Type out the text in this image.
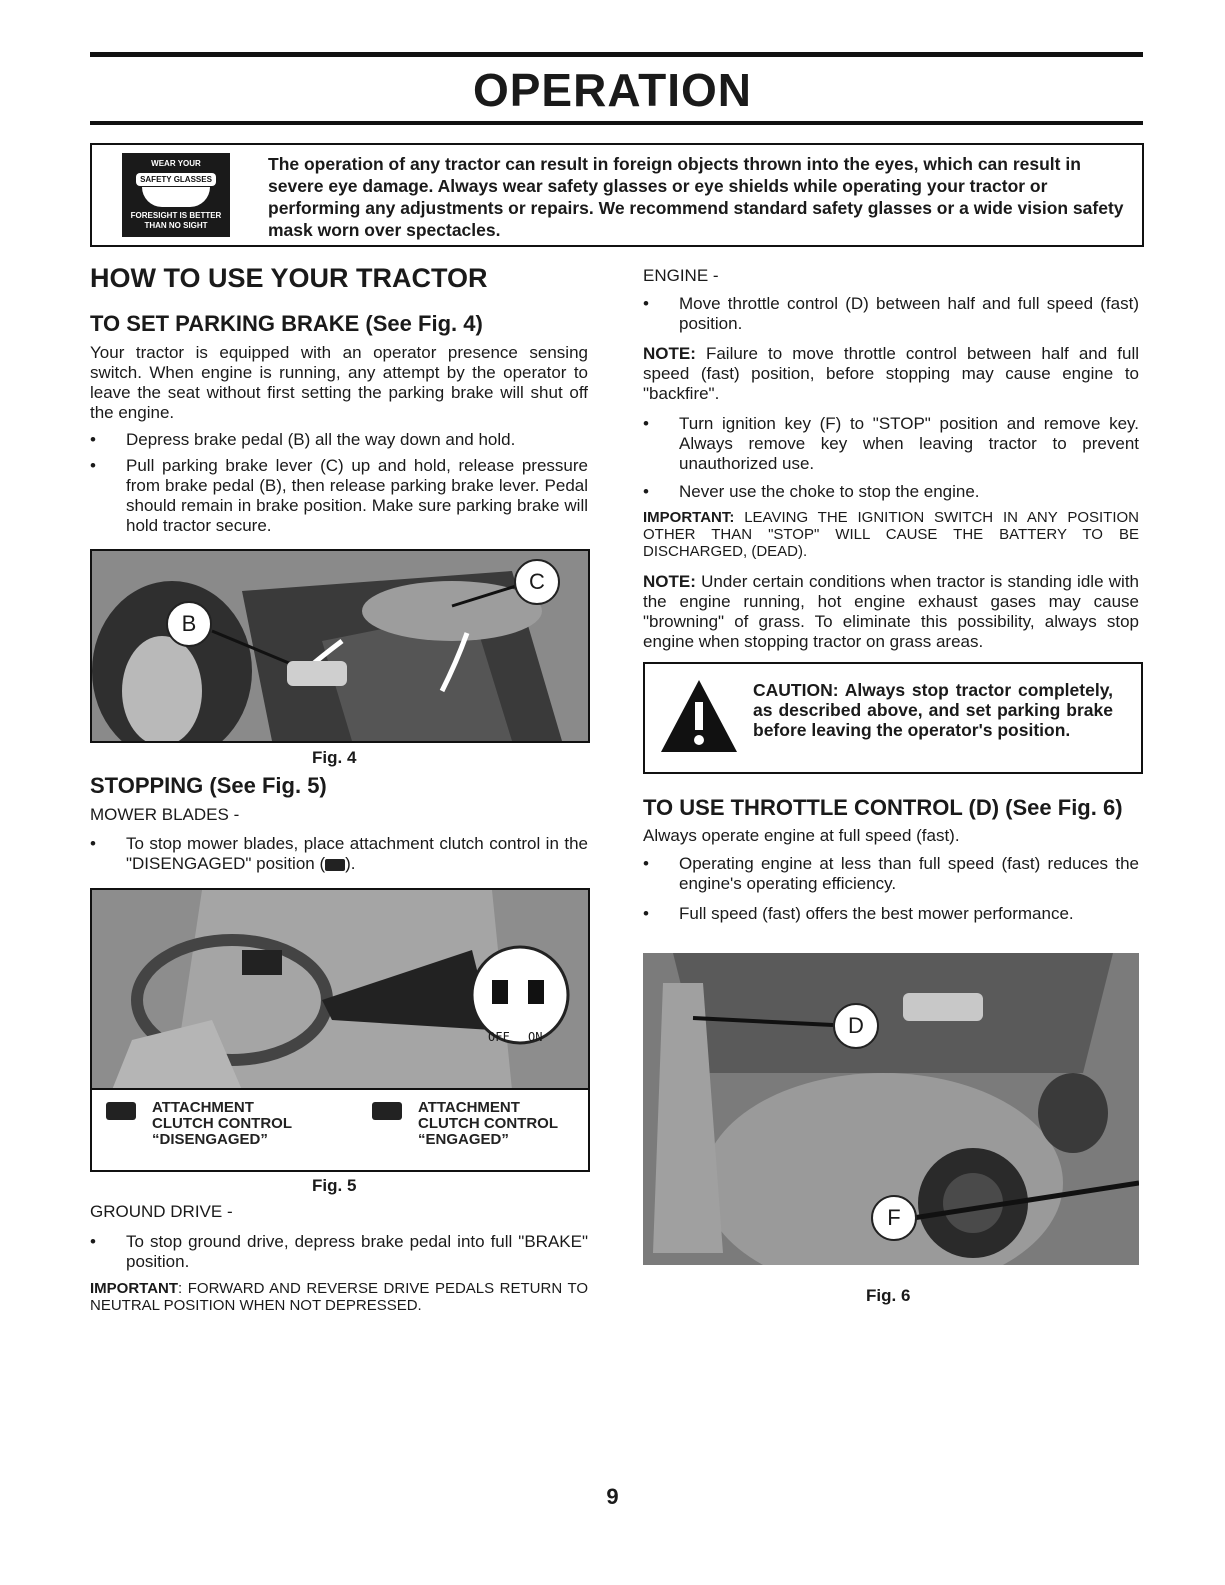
OPERATION
WEAR YOUR
SAFETY GLASSES
FORESIGHT IS BETTER
THAN NO SIGHT
The operation of any tractor can result in foreign objects thrown into the eyes, which can result in severe eye damage. Always wear safety glasses or eye shields while operating your tractor or performing any adjustments or repairs. We recommend standard safety glasses or a wide vision safety mask worn over spectacles.
HOW TO USE YOUR TRACTOR
TO SET PARKING BRAKE (See Fig. 4)

Your tractor is equipped with an operator presence sensing switch. When engine is running, any attempt by the operator to leave the seat without first setting the parking brake will shut off the engine.

• Depress brake pedal (B) all the way down and hold.
• Pull parking brake lever (C) up and hold, release pressure from brake pedal (B), then release parking brake lever. Pedal should remain in brake position. Make sure parking brake will hold tractor secure.
B
C
Fig. 4
STOPPING (See Fig. 5)
MOWER BLADES -
• To stop mower blades, place attachment clutch control in the "DISENGAGED" position ( ).
OFF ON
ATTACHMENT
CLUTCH CONTROL
“DISENGAGED”
ATTACHMENT
CLUTCH CONTROL
“ENGAGED”
Fig. 5
GROUND DRIVE -
• To stop ground drive, depress brake pedal into full "BRAKE" position.
IMPORTANT: FORWARD AND REVERSE DRIVE PEDALS RETURN TO NEUTRAL POSITION WHEN NOT DEPRESSED.
ENGINE -
• Move throttle control (D) between half and full speed (fast) position.

NOTE: Failure to move throttle control between half and full speed (fast) position, before stopping may cause engine to "backfire".

• Turn ignition key (F) to "STOP" position and remove key. Always remove key when leaving tractor to prevent unauthorized use.
• Never use the choke to stop the engine.
IMPORTANT: LEAVING THE IGNITION SWITCH IN ANY POSITION OTHER THAN "STOP" WILL CAUSE THE BATTERY TO BE DISCHARGED, (DEAD).

NOTE: Under certain conditions when tractor is standing idle with the engine running, hot engine exhaust gases may cause "browning" of grass. To eliminate this possibility, always stop engine when stopping tractor on grass areas.

CAUTION: Always stop tractor completely, as described above, and set parking brake before leaving the operator's position.
TO USE THROTTLE CONTROL (D) (See Fig. 6)
Always operate engine at full speed (fast).
• Operating engine at less than full speed (fast) reduces the engine's operating efficiency.
• Full speed (fast) offers the best mower performance.
D
F
Fig. 6
9
